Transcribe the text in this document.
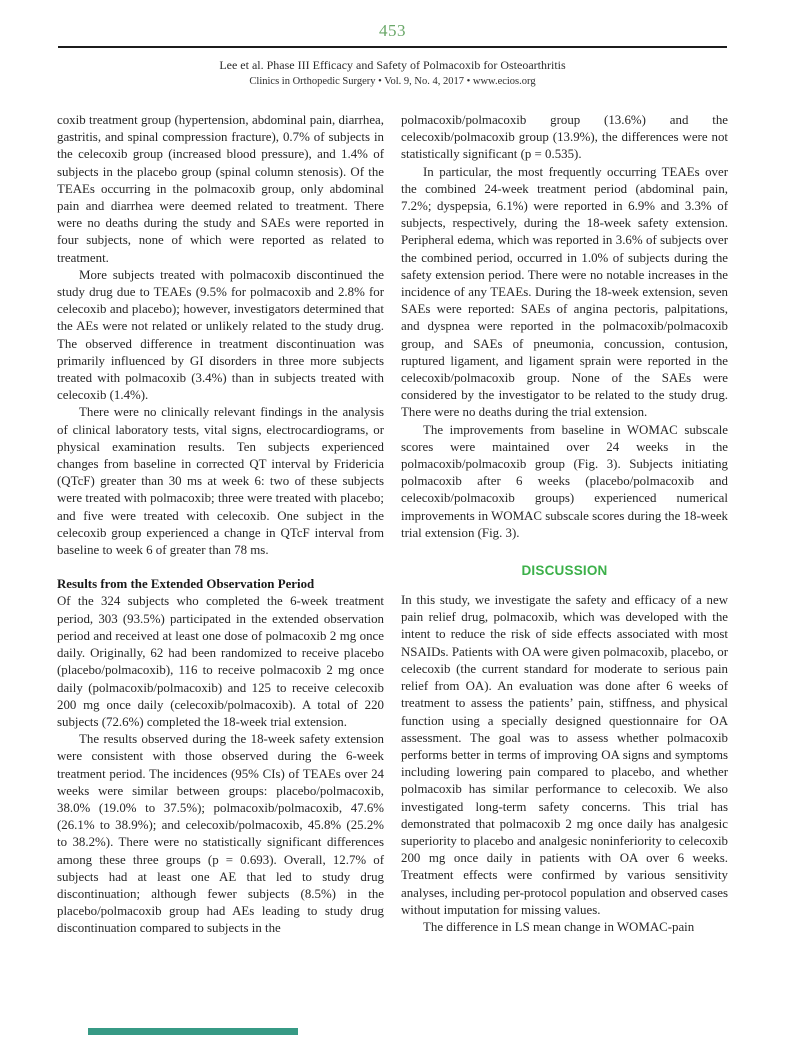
453
Lee et al. Phase III Efficacy and Safety of Polmacoxib for Osteoarthritis
Clinics in Orthopedic Surgery • Vol. 9, No. 4, 2017 • www.ecios.org

coxib treatment group (hypertension, abdominal pain, diarrhea, gastritis, and spinal compression fracture), 0.7% of subjects in the celecoxib group (increased blood pressure), and 1.4% of subjects in the placebo group (spinal column stenosis). Of the TEAEs occurring in the polmacoxib group, only abdominal pain and diarrhea were deemed related to treatment. There were no deaths during the study and SAEs were reported in four subjects, none of which were reported as related to treatment.

More subjects treated with polmacoxib discontinued the study drug due to TEAEs (9.5% for polmacoxib and 2.8% for celecoxib and placebo); however, investigators determined that the AEs were not related or unlikely related to the study drug. The observed difference in treatment discontinuation was primarily influenced by GI disorders in three more subjects treated with polmacoxib (3.4%) than in subjects treated with celecoxib (1.4%).

There were no clinically relevant findings in the analysis of clinical laboratory tests, vital signs, electrocardiograms, or physical examination results. Ten subjects experienced changes from baseline in corrected QT interval by Fridericia (QTcF) greater than 30 ms at week 6: two of these subjects were treated with polmacoxib; three were treated with placebo; and five were treated with celecoxib. One subject in the celecoxib group experienced a change in QTcF interval from baseline to week 6 of greater than 78 ms.

Results from the Extended Observation Period

Of the 324 subjects who completed the 6-week treatment period, 303 (93.5%) participated in the extended observation period and received at least one dose of polmacoxib 2 mg once daily. Originally, 62 had been randomized to receive placebo (placebo/polmacoxib), 116 to receive polmacoxib 2 mg once daily (polmacoxib/polmacoxib) and 125 to receive celecoxib 200 mg once daily (celecoxib/polmacoxib). A total of 220 subjects (72.6%) completed the 18-week trial extension.

The results observed during the 18-week safety extension were consistent with those observed during the 6-week treatment period. The incidences (95% CIs) of TEAEs over 24 weeks were similar between groups: placebo/polmacoxib, 38.0% (19.0% to 37.5%); polmacoxib/polmacoxib, 47.6% (26.1% to 38.9%); and celecoxib/polmacoxib, 45.8% (25.2% to 38.2%). There were no statistically significant differences among these three groups (p = 0.693). Overall, 12.7% of subjects had at least one AE that led to study drug discontinuation; although fewer subjects (8.5%) in the placebo/polmacoxib group had AEs leading to study drug discontinuation compared to subjects in the

polmacoxib/polmacoxib group (13.6%) and the celecoxib/polmacoxib group (13.9%), the differences were not statistically significant (p = 0.535).

In particular, the most frequently occurring TEAEs over the combined 24-week treatment period (abdominal pain, 7.2%; dyspepsia, 6.1%) were reported in 6.9% and 3.3% of subjects, respectively, during the 18-week safety extension. Peripheral edema, which was reported in 3.6% of subjects over the combined period, occurred in 1.0% of subjects during the safety extension period. There were no notable increases in the incidence of any TEAEs. During the 18-week extension, seven SAEs were reported: SAEs of angina pectoris, palpitations, and dyspnea were reported in the polmacoxib/polmacoxib group, and SAEs of pneumonia, concussion, contusion, ruptured ligament, and ligament sprain were reported in the celecoxib/polmacoxib group. None of the SAEs were considered by the investigator to be related to the study drug. There were no deaths during the trial extension.

The improvements from baseline in WOMAC subscale scores were maintained over 24 weeks in the polmacoxib/polmacoxib group (Fig. 3). Subjects initiating polmacoxib after 6 weeks (placebo/polmacoxib and celecoxib/polmacoxib groups) experienced numerical improvements in WOMAC subscale scores during the 18-week trial extension (Fig. 3).

DISCUSSION

In this study, we investigate the safety and efficacy of a new pain relief drug, polmacoxib, which was developed with the intent to reduce the risk of side effects associated with most NSAIDs. Patients with OA were given polmacoxib, placebo, or celecoxib (the current standard for moderate to serious pain relief from OA). An evaluation was done after 6 weeks of treatment to assess the patients’ pain, stiffness, and physical function using a specially designed questionnaire for OA assessment. The goal was to assess whether polmacoxib performs better in terms of improving OA signs and symptoms including lowering pain compared to placebo, and whether polmacoxib has similar performance to celecoxib. We also investigated long-term safety concerns. This trial has demonstrated that polmacoxib 2 mg once daily has analgesic superiority to placebo and analgesic noninferiority to celecoxib 200 mg once daily in patients with OA over 6 weeks. Treatment effects were confirmed by various sensitivity analyses, including per-protocol population and observed cases without imputation for missing values.

The difference in LS mean change in WOMAC-pain
